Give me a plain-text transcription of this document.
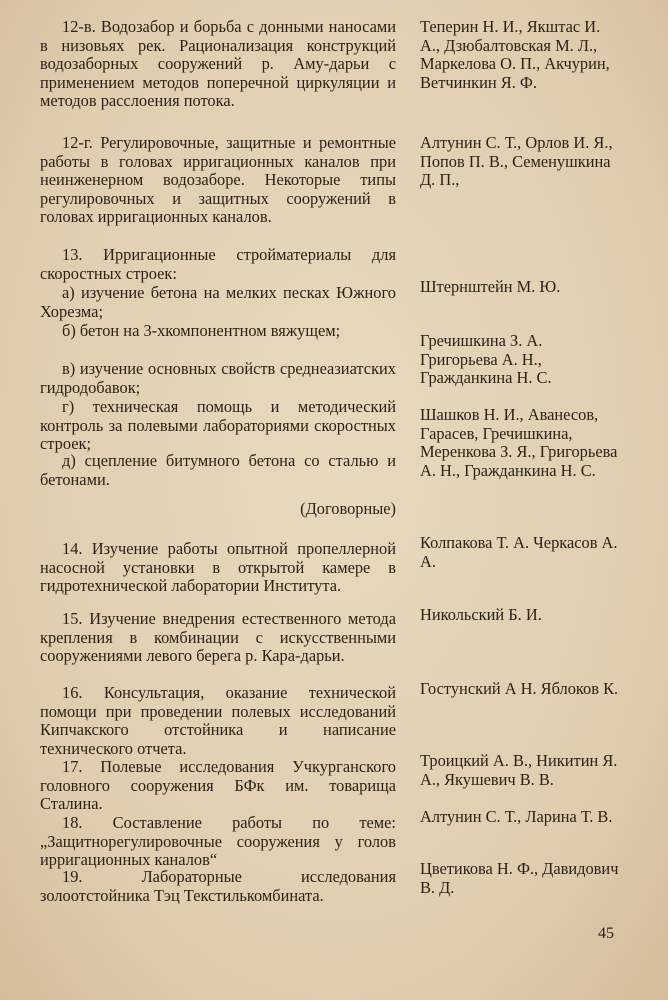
12-в. Водозабор и борьба с донными наносами в низовьях рек. Рационализация конструкций водозаборных сооружений р. Аму-дарьи с применением методов поперечной циркуляции и методов расслоения потока.

12-г. Регулировочные, защитные и ремонтные работы в головах ирригационных каналов при неинженерном водозаборе. Некоторые типы регулировочных и защитных сооружений в головах ирригационных каналов.

13. Ирригационные стройматериалы для скоростных строек:

а) изучение бетона на мелких песках Южного Хорезма;

б) бетон на 3-хкомпонентном вяжущем;

в) изучение основных свойств среднеазиатских гидродобавок;

г) техническая помощь и методический контроль за полевыми лабораториями скоростных строек;

д) сцепление битумного бетона со сталью и бетонами.

(Договорные)

14. Изучение работы опытной пропеллерной насосной установки в открытой камере в гидротехнической лаборатории Института.

15. Изучение внедрения естественного метода крепления в комбинации с искусственными сооружениями левого берега р. Кара-дарьи.

16. Консультация, оказание технической помощи при проведении полевых исследований Кипчакского отстойника и написание технического отчета.

17. Полевые исследования Учкурганского головного сооружения БФк им. товарища Сталина.

18. Составление работы по теме: „Защитнорегулировочные сооружения у голов ирригационных каналов“

19. Лабораторные исследования золоотстойника Тэц Текстилькомбината.

Теперин Н. И., Якштас И. А., Дзюбалтовская М. Л., Маркелова О. П., Акчурин, Ветчинкин Я. Ф.

Алтунин С. Т., Орлов И. Я., Попов П. В., Семенушкина Д. П.,

Штернштейн М. Ю.

Гречишкина З. А. Григорьева А. Н., Гражданкина Н. С.

Шашков Н. И., Аванесов, Гарасев, Гречишкина, Меренкова З. Я., Григорьева А. Н., Гражданкина Н. С.

Колпакова Т. А. Черкасов А. А.

Никольский Б. И.

Гостунский А Н. Яблоков К.

Троицкий А. В., Никитин Я. А., Якушевич В. В.

Алтунин С. Т., Ларина Т. В.

Цветикова Н. Ф., Давидович В. Д.

45
